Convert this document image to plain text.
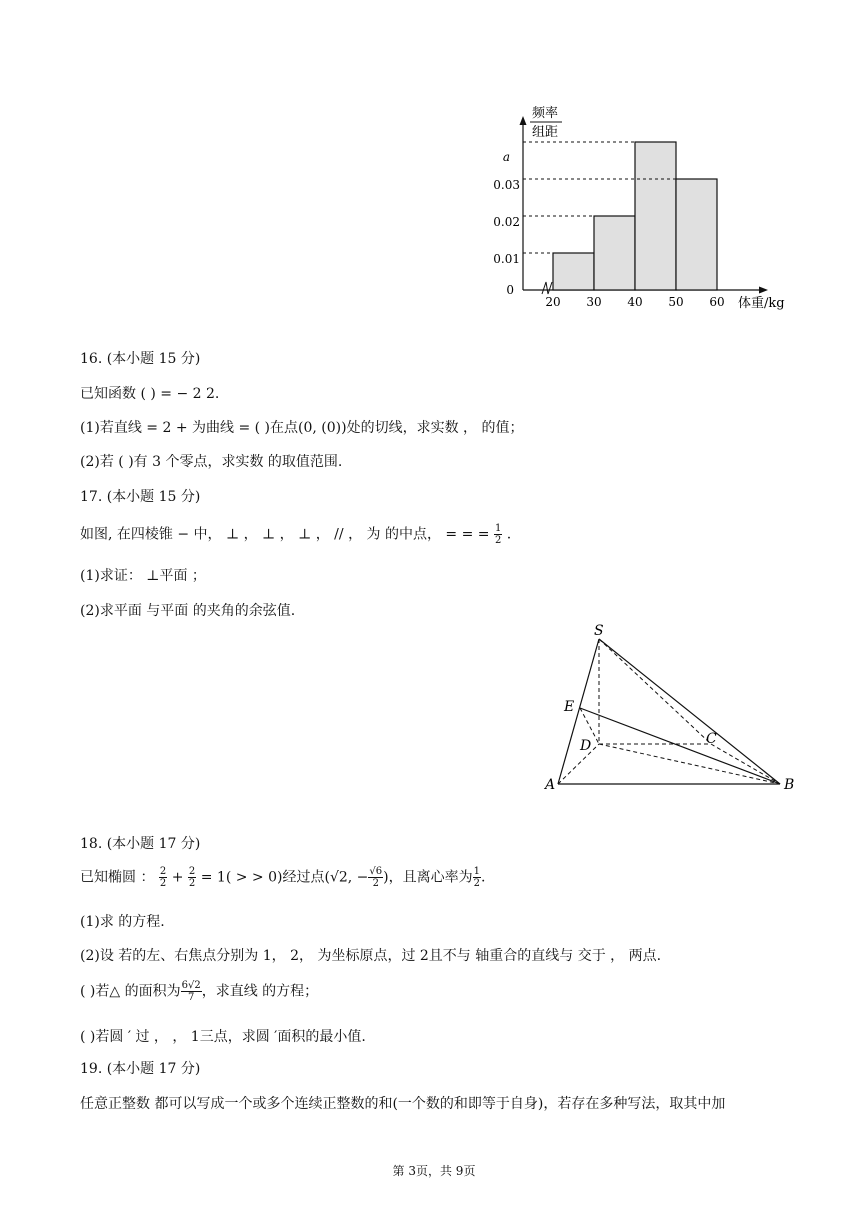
频率
组距
a
0.03
0.02
0.01
0
20 30 40 50 60 体重/kg
16. (本小题 15 分)
已知函数 ( ) = − 2 2.
(1)若直线 = 2 + 为曲线 = ( )在点(0, (0))处的切线，求实数 ， 的值；
(2)若 ( )有 3 个零点，求实数 的取值范围.
17. (本小题 15 分)
如图, 在四棱锥 − 中， ⊥ ， ⊥ ， ⊥ ， // ， 为 的中点， = = = $\frac{1}{2}$ .
(1)求证： ⊥平面 ；
(2)求平面 与平面 的夹角的余弦值.
S
E
D	C
A	B
18. (本小题 17 分)
已知椭圆 ： $\frac{2}{2} + \frac{2}{2} = 1$( > > 0)经过点(√2, − $\frac{√6}{2}$ )，且离心率为 $\frac{1}{2}$ .
(1)求 的方程.
(2)设 若的左、右焦点分别为 1， 2， 为坐标原点，过 2且不与 轴重合的直线与 交于 ， 两点.
( )若△ 的面积为 $\frac{6√2}{7}$ ，求直线 的方程；
( )若圆 ′ 过 ， ， 1三点，求圆 ′面积的最小值.
19. (本小题 17 分)
任意正整数 都可以写成一个或多个连续正整数的和(一个数的和即等于自身)，若存在多种写法，取其中加
第 3页，共 9页
